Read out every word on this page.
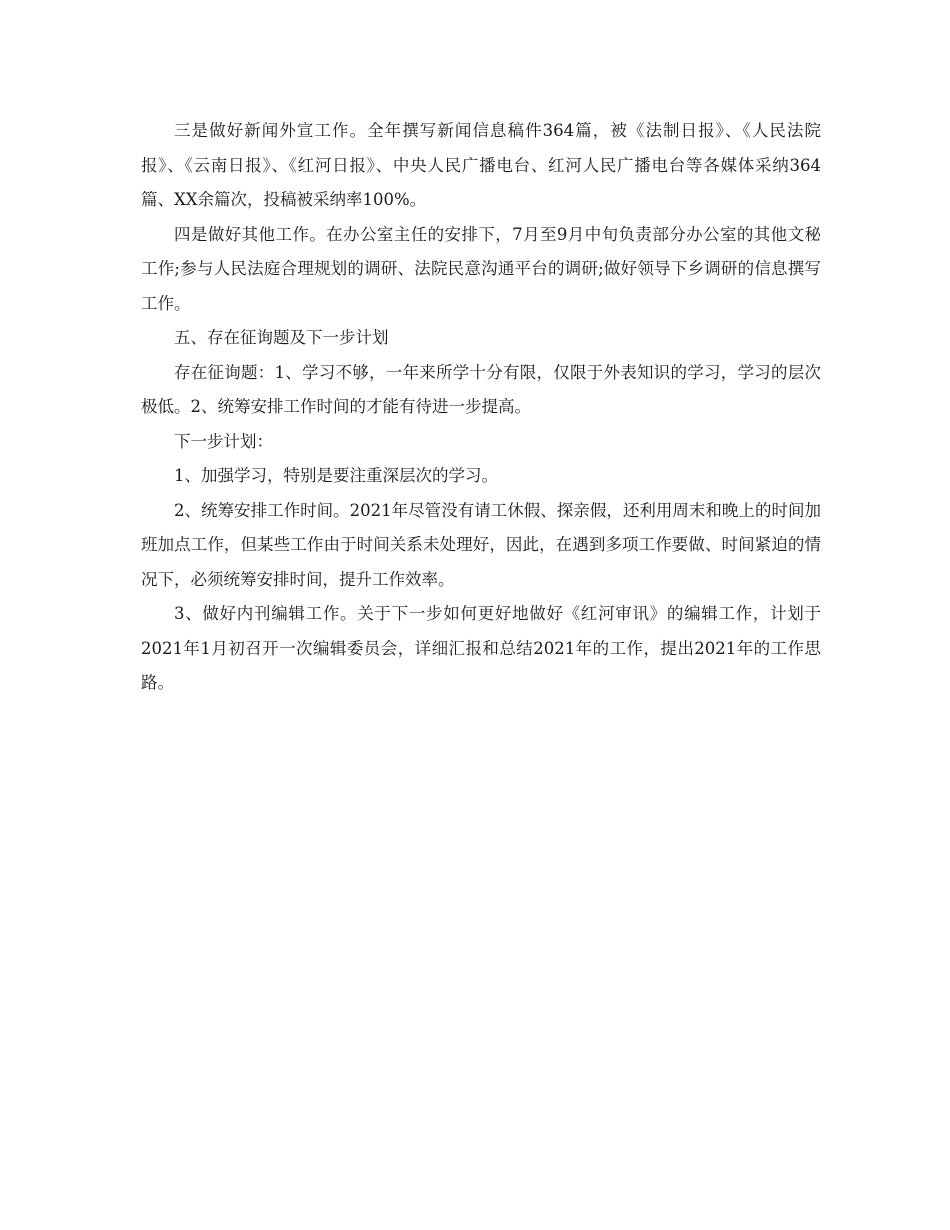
三是做好新闻外宣工作。全年撰写新闻信息稿件364篇，被《法制日报》、《人民法院报》、《云南日报》、《红河日报》、中央人民广播电台、红河人民广播电台等各媒体采纳364篇、XX余篇次，投稿被采纳率100%。

四是做好其他工作。在办公室主任的安排下，7月至9月中旬负责部分办公室的其他文秘工作;参与人民法庭合理规划的调研、法院民意沟通平台的调研;做好领导下乡调研的信息撰写工作。

五、存在征询题及下一步计划

存在征询题：1、学习不够，一年来所学十分有限，仅限于外表知识的学习，学习的层次极低。2、统筹安排工作时间的才能有待进一步提高。

下一步计划：

1、加强学习，特别是要注重深层次的学习。

2、统筹安排工作时间。2021年尽管没有请工休假、探亲假，还利用周末和晚上的时间加班加点工作，但某些工作由于时间关系未处理好，因此，在遇到多项工作要做、时间紧迫的情况下，必须统筹安排时间，提升工作效率。

3、做好内刊编辑工作。关于下一步如何更好地做好《红河审讯》的编辑工作，计划于2021年1月初召开一次编辑委员会，详细汇报和总结2021年的工作，提出2021年的工作思路。
